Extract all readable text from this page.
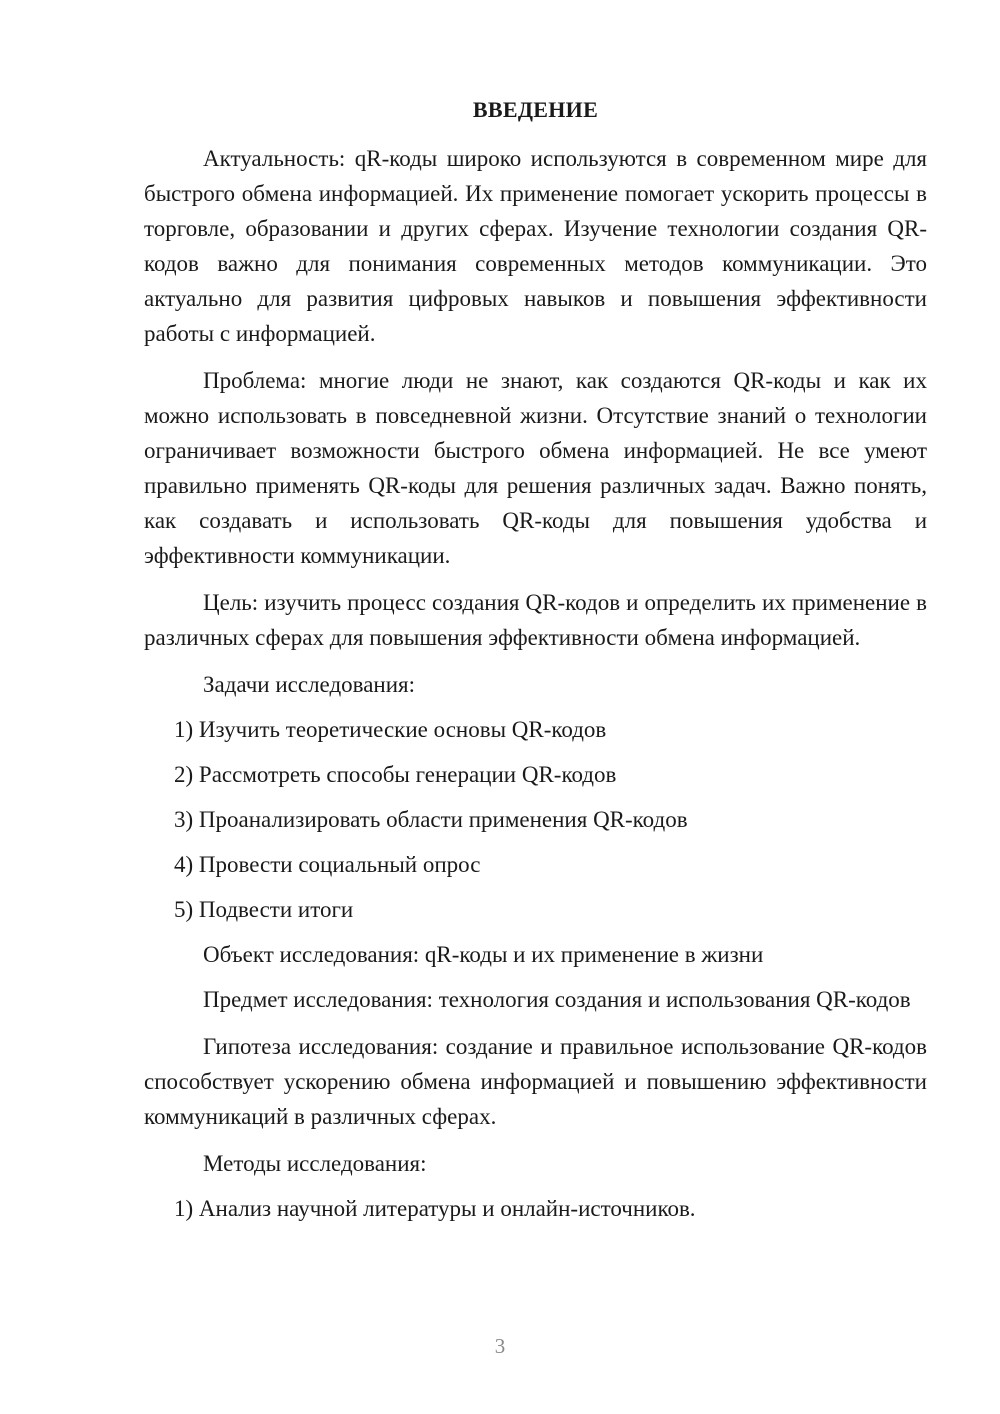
ВВЕДЕНИЕ

Актуальность: qR-коды широко используются в современном мире для быстрого обмена информацией. Их применение помогает ускорить процессы в торговле, образовании и других сферах. Изучение технологии создания QR-кодов важно для понимания современных методов коммуникации. Это актуально для развития цифровых навыков и повышения эффективности работы с информацией.

Проблема: многие люди не знают, как создаются QR-коды и как их можно использовать в повседневной жизни. Отсутствие знаний о технологии ограничивает возможности быстрого обмена информацией. Не все умеют правильно применять QR-коды для решения различных задач. Важно понять, как создавать и использовать QR-коды для повышения удобства и эффективности коммуникации.

Цель: изучить процесс создания QR-кодов и определить их применение в различных сферах для повышения эффективности обмена информацией.

Задачи исследования:
1) Изучить теоретические основы QR-кодов
2) Рассмотреть способы генерации QR-кодов
3) Проанализировать области применения QR-кодов
4) Провести социальный опрос
5) Подвести итоги
Объект исследования: qR-коды и их применение в жизни

Предмет исследования: технология создания и использования QR-кодов

Гипотеза исследования: создание и правильное использование QR-кодов способствует ускорению обмена информацией и повышению эффективности коммуникаций в различных сферах.

Методы исследования:
1) Анализ научной литературы и онлайн-источников.
3
